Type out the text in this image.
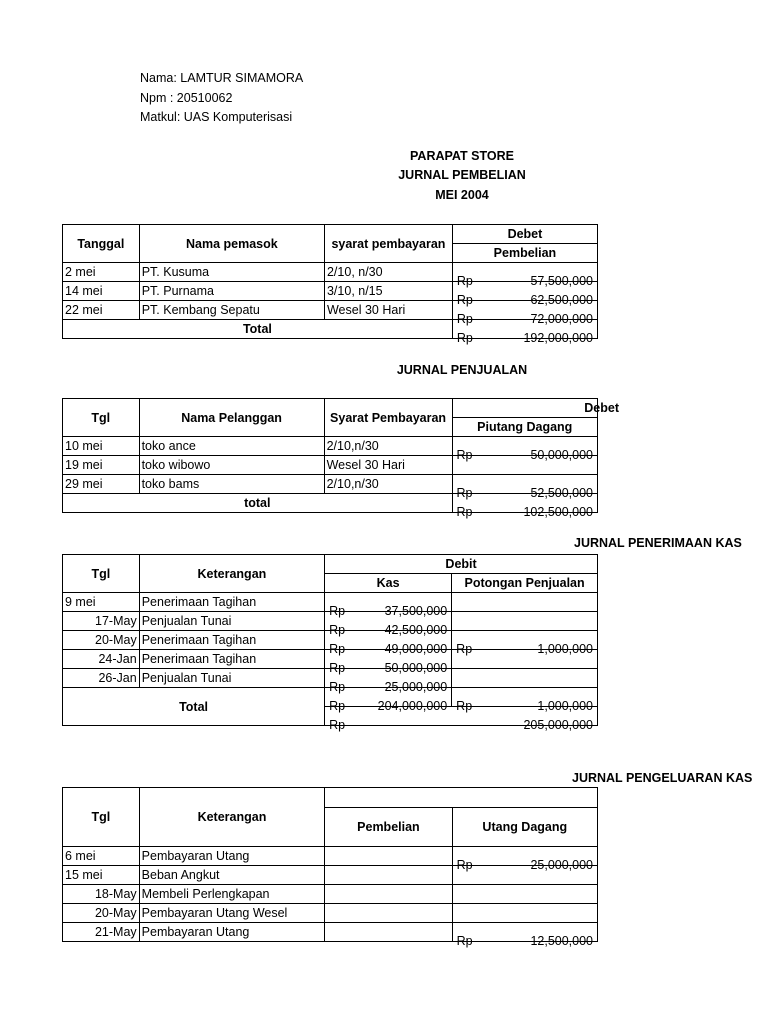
Nama: LAMTUR SIMAMORA
Npm : 20510062
Matkul: UAS Komputerisasi
PARAPAT STORE
JURNAL PEMBELIAN
MEI 2004
Tanggal	Nama pemasok	syarat pembayaran	Debet
			Pembelian
2 mei	PT. Kusuma	2/10, n/30	Rp 57,500,000

14 mei	PT. Purnama	3/10, n/15	Rp 62,500,000

22 mei	PT. Kembang Sepatu	Wesel 30 Hari	Rp 72,000,000

Total			Rp 192,000,000
JURNAL PENJUALAN
Tgl	Nama Pelanggan	Syarat Pembayaran	Debet
			Piutang Dagang
10 mei	toko ance	2/10,n/30	Rp 50,000,000

19 mei	toko wibowo	Wesel 30 Hari	

29 mei	toko bams	2/10,n/30	Rp 52,500,000

total			Rp 102,500,000
JURNAL PENERIMAAN KAS
Tgl	Keterangan	Debit	
		Kas	Potongan Penjualan
9 mei	Penerimaan Tagihan	Rp 37,500,000	

17-May	Penjualan Tunai	Rp 42,500,000	

20-May	Penerimaan Tagihan	Rp 49,000,000	Rp 1,000,000

24-Jan	Penerimaan Tagihan	Rp 50,000,000	

26-Jan	Penjualan Tunai	Rp 25,000,000	

Total		Rp 204,000,000	Rp 1,000,000

		Rp 205,000,000	
JURNAL PENGELUARAN KAS
Tgl	Keterangan		
		Pembelian	Utang Dagang
6 mei	Pembayaran Utang		Rp 25,000,000

15 mei	Beban Angkut		

18-May	Membeli Perlengkapan		

20-May	Pembayaran Utang Wesel		

21-May	Pembayaran Utang		Rp 12,500,000
